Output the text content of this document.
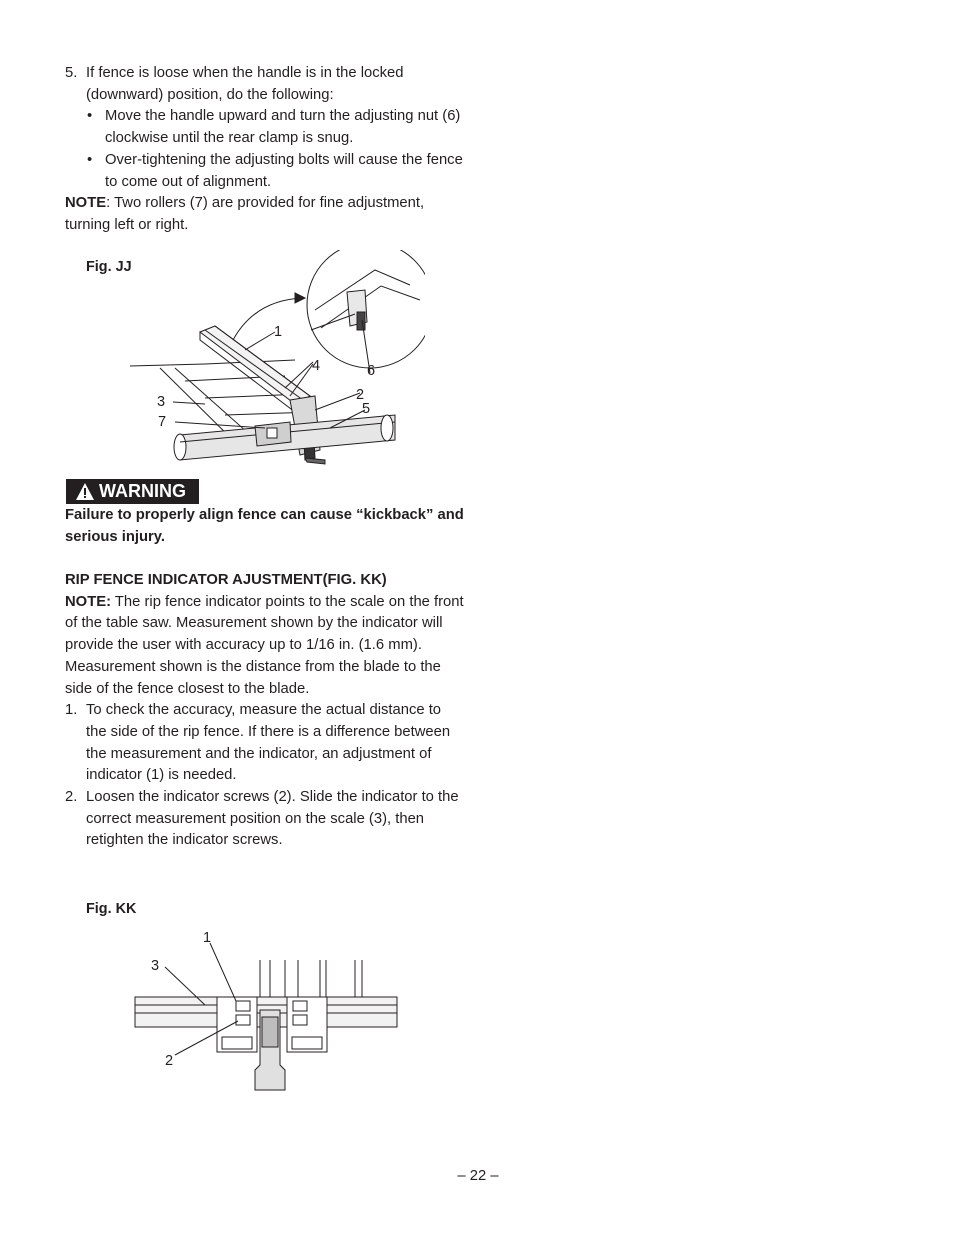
5. If fence is loose when the handle is in the locked (downward) position, do the following:

• Move the handle upward and turn the adjusting nut (6) clockwise until the rear clamp is snug.

• Over-tightening the adjusting bolts will cause the fence to come out of alignment.

NOTE: Two rollers (7) are provided for fine adjustment, turning left or right.

Fig. JJ
1
4
2
5
3
7
6
WARNING
Failure to properly align fence can cause “kickback” and serious injury.

RIP FENCE INDICATOR AJUSTMENT(FIG. KK)

NOTE: The rip fence indicator points to the scale on the front of the table saw. Measurement shown by the indicator will provide the user with accuracy up to 1/16 in. (1.6 mm). Measurement shown is the distance from the blade to the side of the fence closest to the blade.

1. To check the accuracy, measure the actual distance to the side of the rip fence. If there is a difference between the measurement and the indicator, an adjustment of indicator (1) is needed.

2. Loosen the indicator screws (2). Slide the indicator to the correct measurement position on the scale (3), then retighten the indicator screws.

Fig. KK
1
3
2
– 22 –
